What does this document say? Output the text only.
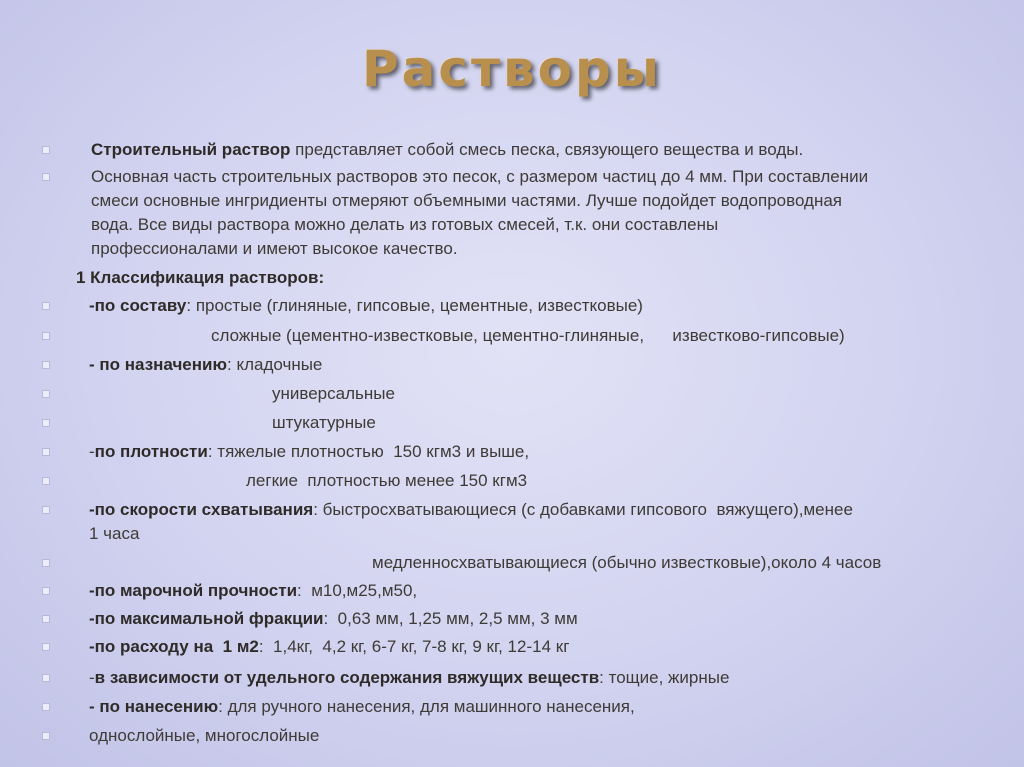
Растворы
Строительный раствор представляет собой смесь песка, связующего вещества и воды.
Основная часть строительных растворов это песок, с размером частиц до 4 мм. При составлении
смеси основные ингридиенты отмеряют объемными частями. Лучше подойдет водопроводная
вода. Все виды раствора можно делать из готовых смесей, т.к. они составлены
профессионалами и имеют высокое качество.
1 Классификация растворов:
-по составу: простые (глиняные, гипсовые, цементные, известковые)
сложные (цементно-известковые, цементно-глиняные,      известково-гипсовые)
- по назначению: кладочные
универсальные
штукатурные
-по плотности: тяжелые плотностью  150 кгм3 и выше,
легкие  плотностью менее 150 кгм3
-по скорости схватывания: быстросхватывающиеся (с добавками гипсового  вяжущего),менее
1 часа
медленносхватывающиеся (обычно известковые),около 4 часов
-по марочной прочности:  м10,м25,м50,
-по максимальной фракции:  0,63 мм, 1,25 мм, 2,5 мм, 3 мм
-по расходу на  1 м2:  1,4кг,  4,2 кг, 6-7 кг, 7-8 кг, 9 кг, 12-14 кг
-в зависимости от удельного содержания вяжущих веществ: тощие, жирные
- по нанесению: для ручного нанесения, для машинного нанесения,
однослойные, многослойные
